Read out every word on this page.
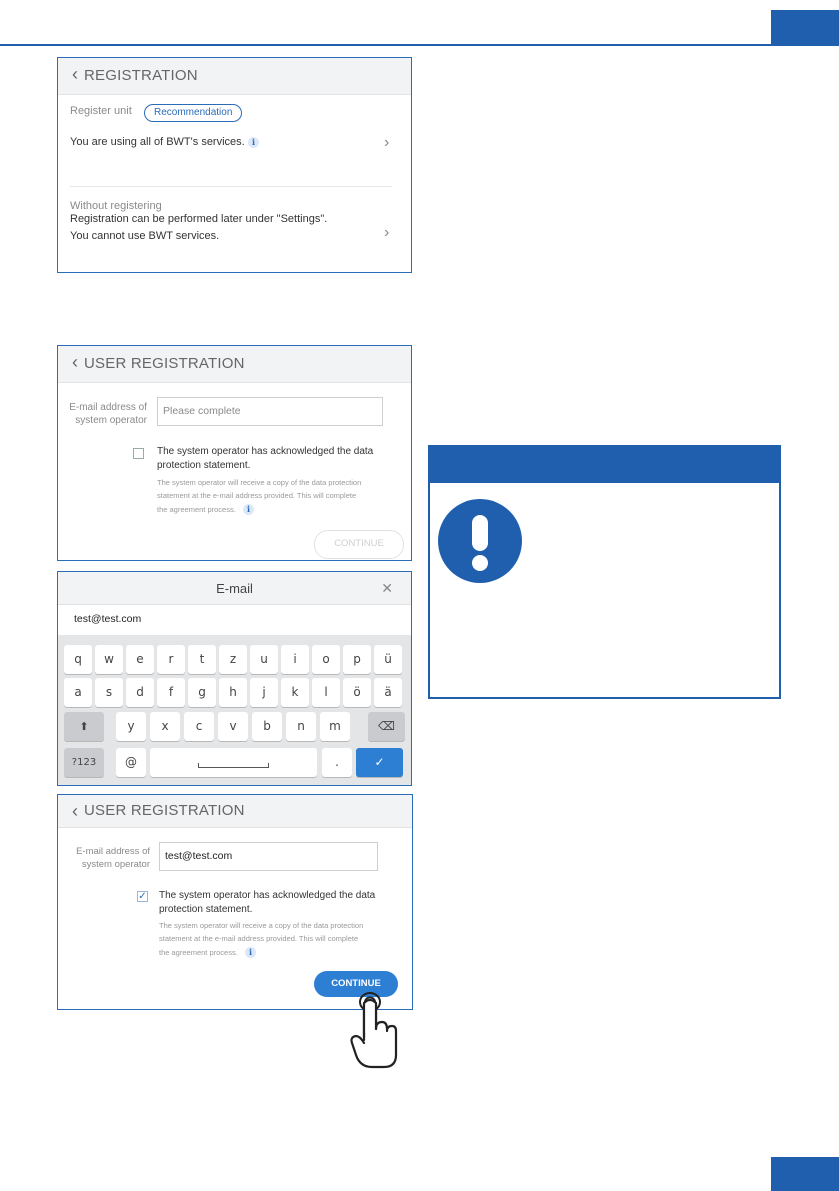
‹ REGISTRATION
Register unit	Recommendation
You are using all of BWT's services. i	›
Without registering
Registration can be performed later under "Settings".
You cannot use BWT services.	›
‹ USER REGISTRATION
E-mail address of
system operator
Please complete
The system operator has acknowledged the data
protection statement.
The system operator will receive a copy of the data protection
statement at the e-mail address provided. This will complete
the agreement process.	i
CONTINUE
E-mail	✕
test@test.com
q	w	e	r	t	z	u	i	o	p	ü
a	s	d	f	g	h	j	k	l	ö	ä
⬆	y	x	c	v	b	n	m	⌫
?123	@	.	✓
‹ USER REGISTRATION
E-mail address of
system operator
test@test.com
✓ The system operator has acknowledged the data
protection statement.
The system operator will receive a copy of the data protection
statement at the e-mail address provided. This will complete
the agreement process.	i
CONTINUE
